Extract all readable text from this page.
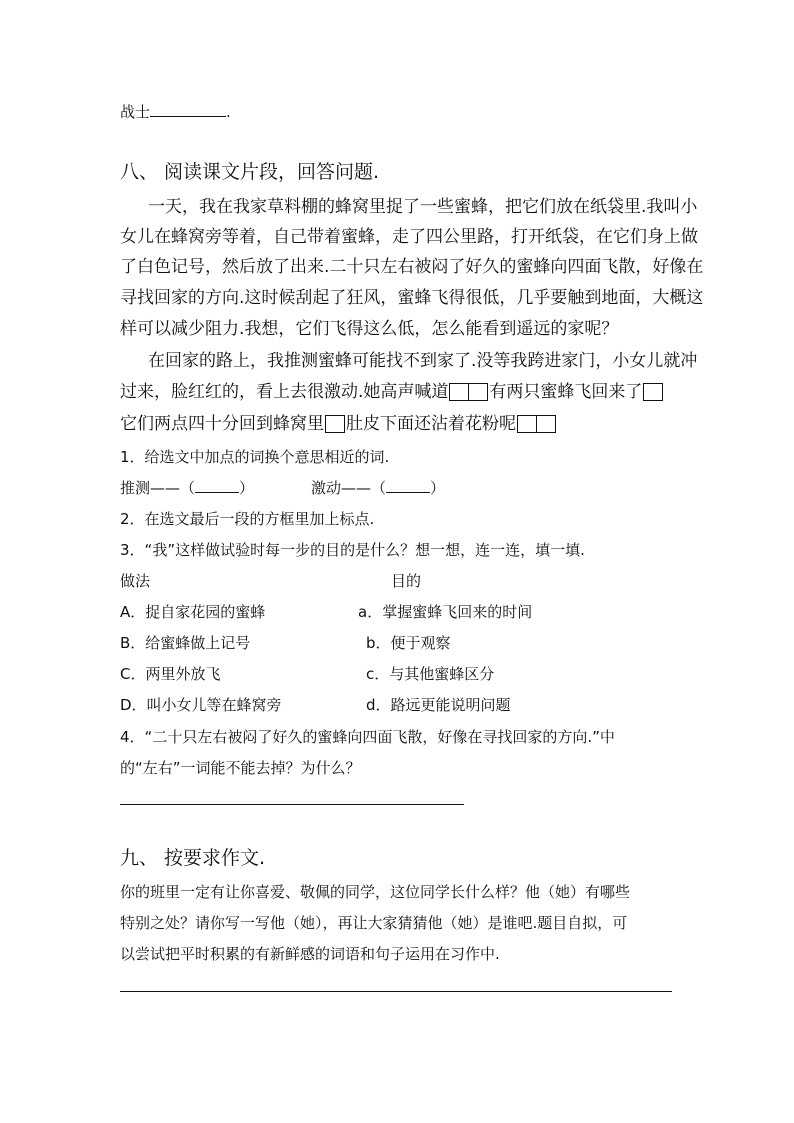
战士	.
八、 阅读课文片段，回答问题.
一天，我在我家草料棚的蜂窝里捉了一些蜜蜂，把它们放在纸袋里.我叫小
女儿在蜂窝旁等着，自己带着蜜蜂，走了四公里路，打开纸袋，在它们身上做
了白色记号，然后放了出来.二十只左右被闷了好久的蜜蜂向四面飞散，好像在
寻找回家的方向.这时候刮起了狂风，蜜蜂飞得很低，几乎要触到地面，大概这
样可以减少阻力.我想，它们飞得这么低，怎么能看到遥远的家呢？
在回家的路上，我推测蜜蜂可能找不到家了.没等我跨进家门，小女儿就冲
过来，脸红红的，看上去很激动.她高声喊道 有两只蜜蜂飞回来了
它们两点四十分回到蜂窝里 肚皮下面还沾着花粉呢
1．给选文中加点的词换个意思相近的词.
推测——（	）	激动——（	）
2．在选文最后一段的方框里加上标点.
3．“我”这样做试验时每一步的目的是什么？想一想，连一连，填一填.
做法	目的
A．捉自家花园的蜜蜂	a．掌握蜜蜂飞回来的时间
B．给蜜蜂做上记号	b．便于观察
C．两里外放飞	c．与其他蜜蜂区分
D．叫小女儿等在蜂窝旁	d．路远更能说明问题
4．“二十只左右被闷了好久的蜜蜂向四面飞散，好像在寻找回家的方向.”中
的“左右”一词能不能去掉？为什么？
九、 按要求作文.
你的班里一定有让你喜爱、敬佩的同学，这位同学长什么样？他（她）有哪些
特别之处？请你写一写他（她），再让大家猜猜他（她）是谁吧.题目自拟，可
以尝试把平时积累的有新鲜感的词语和句子运用在习作中.
